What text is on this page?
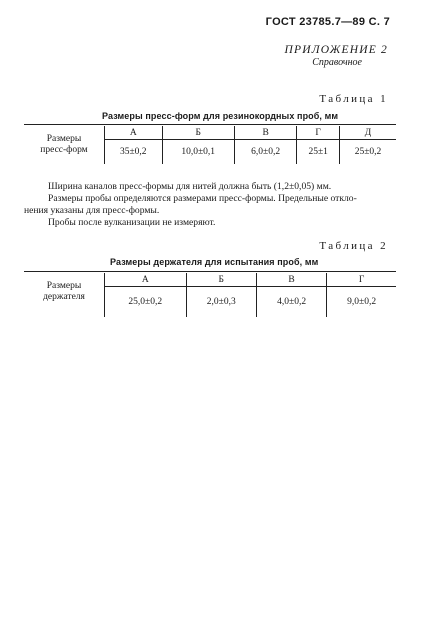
ГОСТ 23785.7—89 С. 7
ПРИЛОЖЕНИЕ 2
Справочное
Таблица 1
Размеры пресс-форм для резинокордных проб, мм
Размеры
пресс-форм	А	Б	В	Г	Д
	35±0,2	10,0±0,1	6,0±0,2	25±1	25±0,2
Ширина каналов пресс-формы для нитей должна быть (1,2±0,05) мм.
Размеры пробы определяются размерами пресс-формы. Предельные откло-
нения указаны для пресс-формы.
Пробы после вулканизации не измеряют.
Таблица 2
Размеры держателя для испытания проб, мм
Размеры
держателя	А	Б	В	Г
	25,0±0,2	2,0±0,3	4,0±0,2	9,0±0,2
